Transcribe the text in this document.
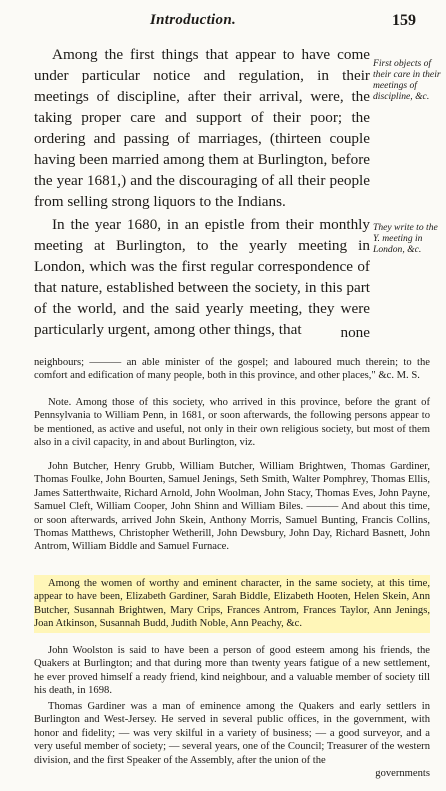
Introduction.	159

Among the first things that appear to have come under particular notice and regulation, in their meetings of discipline, after their arrival, were, the taking proper care and support of their poor; the ordering and passing of marriages, (thirteen couple having been married among them at Burlington, before the year 1681,) and the discouraging of all their people from selling strong liquors to the Indians.

First objects of their care in their meetings of discipline, &c.

In the year 1680, in an epistle from their monthly meeting at Burlington, to the yearly meeting in London, which was the first regular correspondence of that nature, established between the society, in this part of the world, and the said yearly meeting, they were particularly urgent, among other things, that	none
They write to the Y. meeting in London, &c.

neighbours; ——— an able minister of the gospel; and laboured much therein; to the comfort and edification of many people, both in this province, and other places," &c. M. S.

Note. Among those of this society, who arrived in this province, before the grant of Pennsylvania to William Penn, in 1681, or soon afterwards, the following persons appear to be mentioned, as active and useful, not only in their own religious society, but most of them also in a civil capacity, in and about Burlington, viz.

John Butcher, Henry Grubb, William Butcher, William Brightwen, Thomas Gardiner, Thomas Foulke, John Bourten, Samuel Jenings, Seth Smith, Walter Pomphrey, Thomas Ellis, James Satterthwaite, Richard Arnold, John Woolman, John Stacy, Thomas Eves, John Payne, Samuel Cleft, William Cooper, John Shinn and William Biles. ——— And about this time, or soon afterwards, arrived John Skein, Anthony Morris, Samuel Bunting, Francis Collins, Thomas Matthews, Christopher Wetherill, John Dewsbury, John Day, Richard Basnett, John Antrom, William Biddle and Samuel Furnace.

Among the women of worthy and eminent character, in the same society, at this time, appear to have been, Elizabeth Gardiner, Sarah Biddle, Elizabeth Hooten, Helen Skein, Ann Butcher, Susannah Brightwen, Mary Crips, Frances Antrom, Frances Taylor, Ann Jenings, Joan Atkinson, Susannah Budd, Judith Noble, Ann Peachy, &c.

John Woolston is said to have been a person of good esteem among his friends, the Quakers at Burlington; and that during more than twenty years fatigue of a new settlement, he ever proved himself a ready friend, kind neighbour, and a valuable member of society till his death, in 1698.

Thomas Gardiner was a man of eminence among the Quakers and early settlers in Burlington and West-Jersey. He served in several public offices, in the government, with honor and fidelity; — was very skilful in a variety of business; — a good surveyor, and a very useful member of society; — several years, one of the Council; Treasurer of the western division, and the first Speaker of the Assembly, after the union of the

governments
